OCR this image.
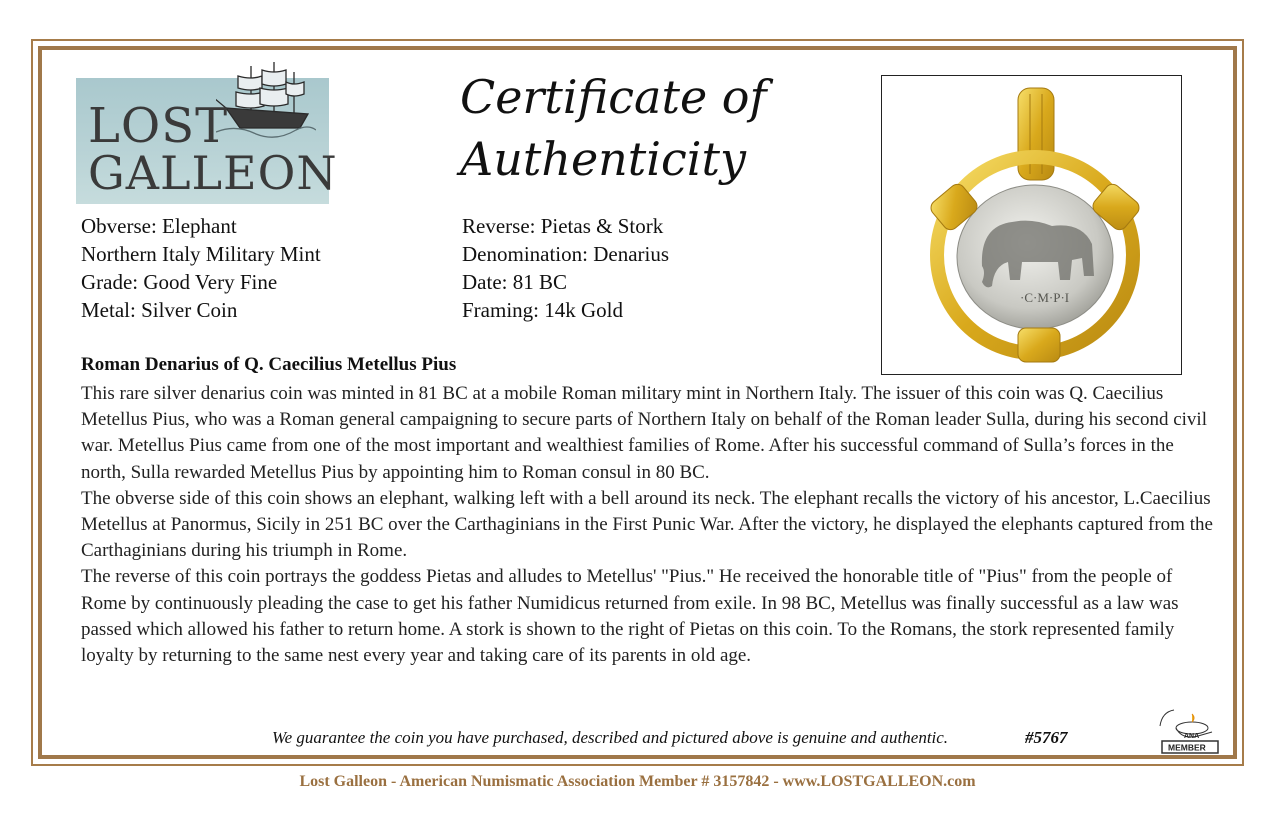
LOST
GALLEON
Certificate of
Authenticity
Obverse: Elephant
Northern Italy Military Mint
Grade: Good Very Fine
Metal: Silver Coin
Reverse: Pietas & Stork
Denomination: Denarius
Date: 81 BC
Framing: 14k Gold
·C·M·P·I
Roman Denarius of Q. Caecilius Metellus Pius

This rare silver denarius coin was minted in 81 BC at a mobile Roman military mint in Northern Italy. The issuer of this coin was Q. Caecilius Metellus Pius, who was a Roman general campaigning to secure parts of Northern Italy on behalf of the Roman leader Sulla, during his second civil war. Metellus Pius came from one of the most important and wealthiest families of Rome. After his successful command of Sulla’s forces in the north, Sulla rewarded Metellus Pius by appointing him to Roman consul in 80 BC.

The obverse side of this coin shows an elephant, walking left with a bell around its neck. The elephant recalls the victory of his ancestor, L.Caecilius Metellus at Panormus, Sicily in 251 BC over the Carthaginians in the First Punic War. After the victory, he displayed the elephants captured from the Carthaginians during his triumph in Rome.

The reverse of this coin portrays the goddess Pietas and alludes to Metellus' "Pius." He received the honorable title of "Pius" from the people of Rome by continuously pleading the case to get his father Numidicus returned from exile. In 98 BC, Metellus was finally successful as a law was passed which allowed his father to return home. A stork is shown to the right of Pietas on this coin. To the Romans, the stork represented family loyalty by returning to the same nest every year and taking care of its parents in old age.

We guarantee the coin you have purchased, described and pictured above is genuine and authentic.	#5767	ANA
MEMBER
Lost Galleon - American Numismatic Association Member # 3157842 - www.LOSTGALLEON.com
